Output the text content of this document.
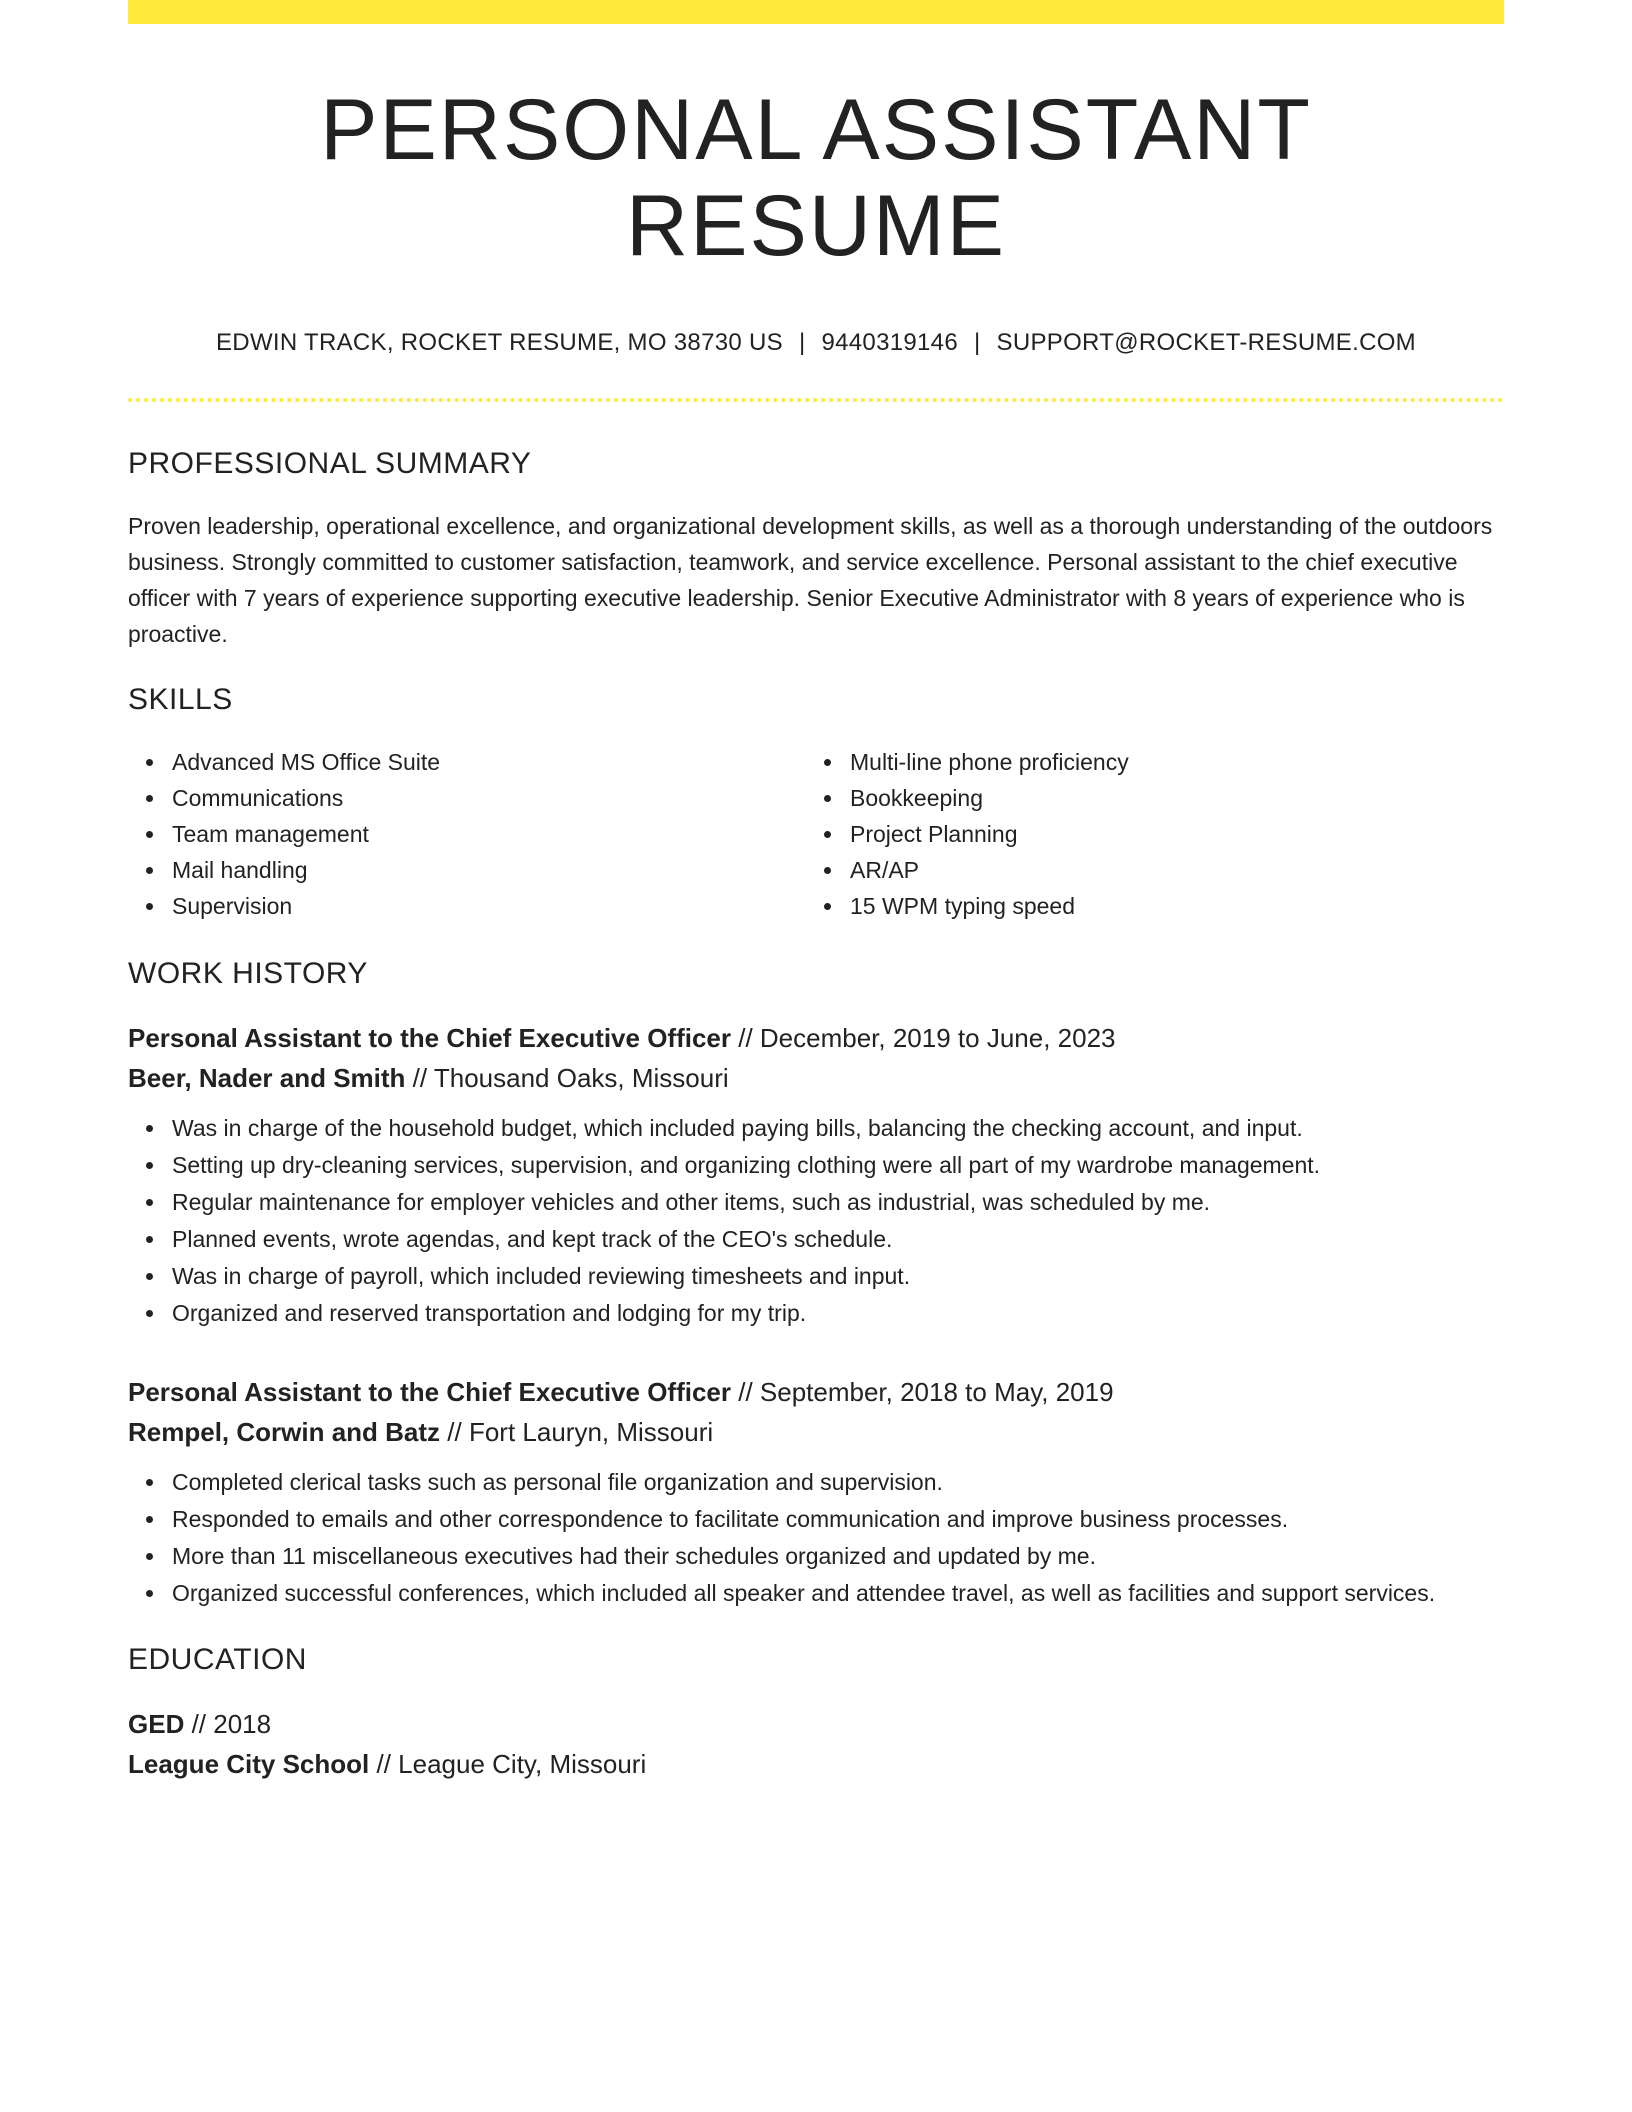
PERSONAL ASSISTANT RESUME
EDWIN TRACK, ROCKET RESUME, MO 38730 US | 9440319146 | SUPPORT@ROCKET-RESUME.COM
PROFESSIONAL SUMMARY

Proven leadership, operational excellence, and organizational development skills, as well as a thorough understanding of the outdoors business. Strongly committed to customer satisfaction, teamwork, and service excellence. Personal assistant to the chief executive officer with 7 years of experience supporting executive leadership. Senior Executive Administrator with 8 years of experience who is proactive.

SKILLS
Advanced MS Office Suite
Communications
Team management
Mail handling
Supervision
Multi-line phone proficiency
Bookkeeping
Project Planning
AR/AP
15 WPM typing speed
WORK HISTORY
Personal Assistant to the Chief Executive Officer // December, 2019 to June, 2023
Beer, Nader and Smith // Thousand Oaks, Missouri
Was in charge of the household budget, which included paying bills, balancing the checking account, and input.
Setting up dry-cleaning services, supervision, and organizing clothing were all part of my wardrobe management.
Regular maintenance for employer vehicles and other items, such as industrial, was scheduled by me.
Planned events, wrote agendas, and kept track of the CEO's schedule.
Was in charge of payroll, which included reviewing timesheets and input.
Organized and reserved transportation and lodging for my trip.
Personal Assistant to the Chief Executive Officer // September, 2018 to May, 2019
Rempel, Corwin and Batz // Fort Lauryn, Missouri
Completed clerical tasks such as personal file organization and supervision.
Responded to emails and other correspondence to facilitate communication and improve business processes.
More than 11 miscellaneous executives had their schedules organized and updated by me.
Organized successful conferences, which included all speaker and attendee travel, as well as facilities and support services.
EDUCATION
GED // 2018
League City School // League City, Missouri
